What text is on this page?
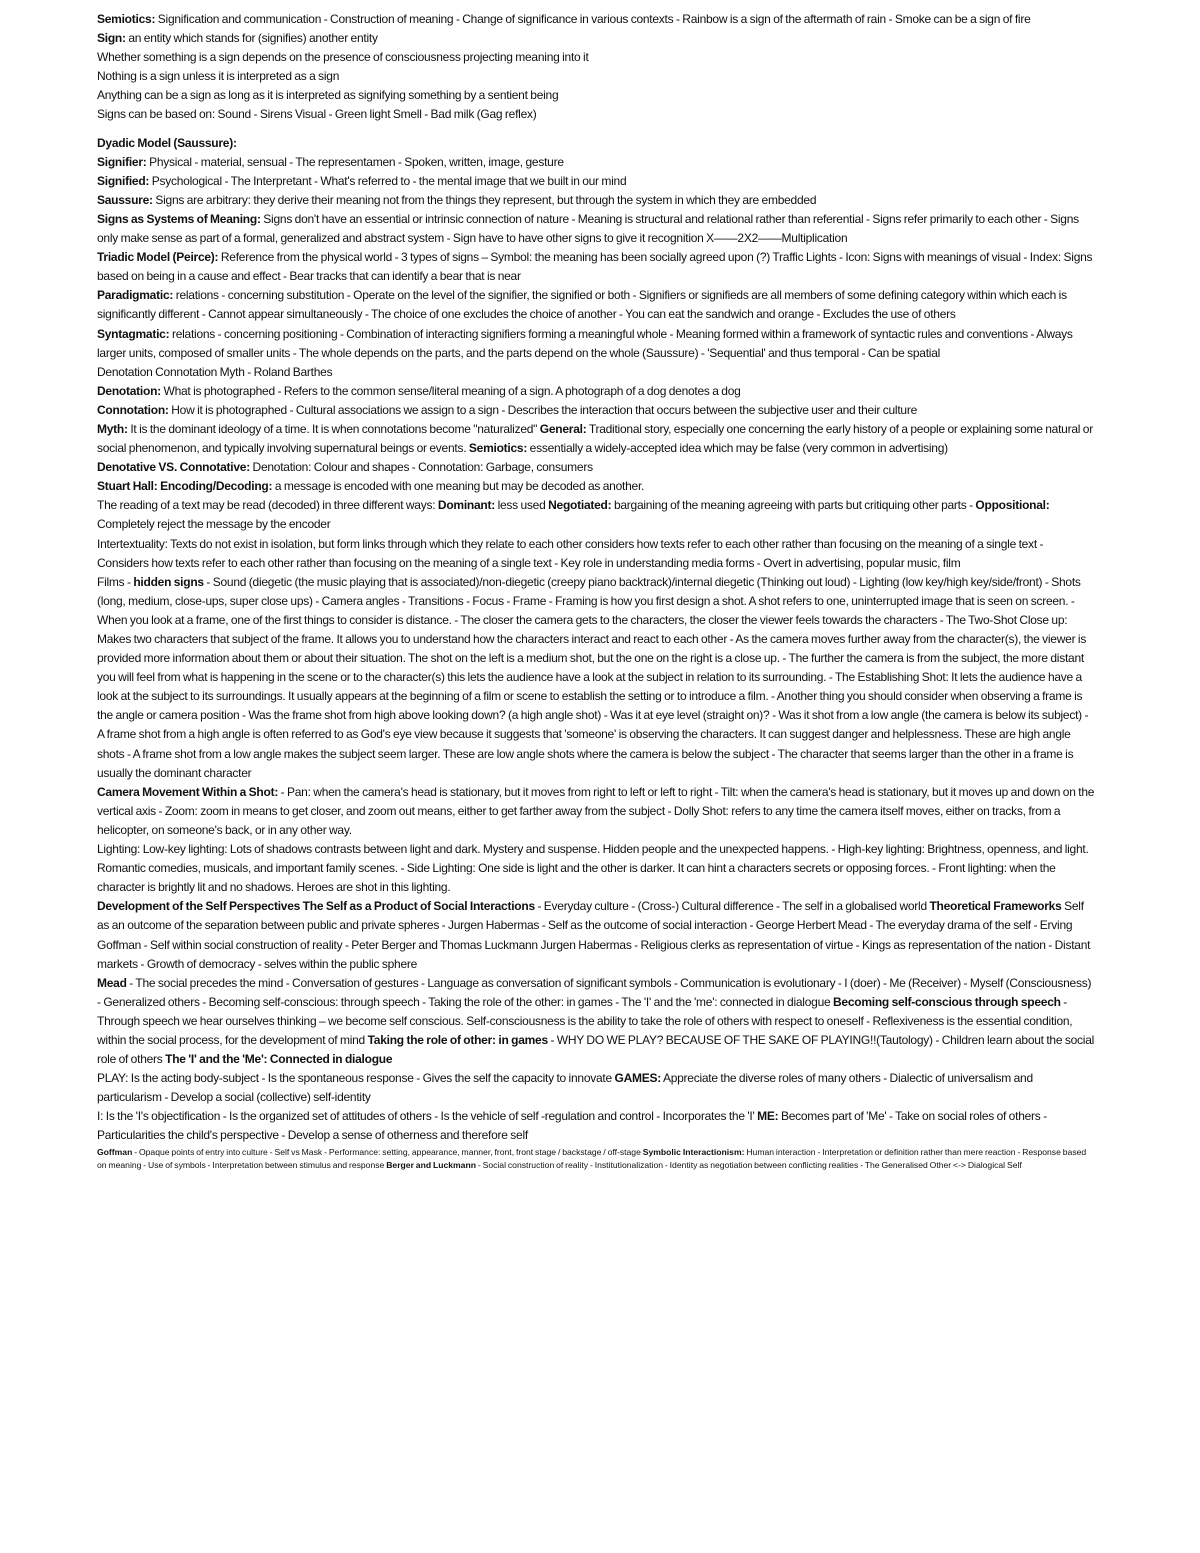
Semiotics: Signification and communication - Construction of meaning - Change of significance in various contexts - Rainbow is a sign of the aftermath of rain - Smoke can be a sign of fire

Sign: an entity which stands for (signifies) another entity

Whether something is a sign depends on the presence of consciousness projecting meaning into it

Nothing is a sign unless it is interpreted as a sign

Anything can be a sign as long as it is interpreted as signifying something by a sentient being

Signs can be based on: Sound - Sirens Visual - Green light Smell - Bad milk (Gag reflex)

Dyadic Model (Saussure):

Signifier: Physical - material, sensual - The representamen - Spoken, written, image, gesture

Signified: Psychological - The Interpretant - What's referred to - the mental image that we built in our mind

Saussure: Signs are arbitrary: they derive their meaning not from the things they represent, but through the system in which they are embedded

Signs as Systems of Meaning: Signs don't have an essential or intrinsic connection of nature - Meaning is structural and relational rather than referential - Signs refer primarily to each other - Signs only make sense as part of a formal, generalized and abstract system - Sign have to have other signs to give it recognition X——2X2——Multiplication

Triadic Model (Peirce): Reference from the physical world - 3 types of signs – Symbol: the meaning has been socially agreed upon (?) Traffic Lights - Icon: Signs with meanings of visual - Index: Signs based on being in a cause and effect - Bear tracks that can identify a bear that is near

Paradigmatic: relations - concerning substitution - Operate on the level of the signifier, the signified or both - Signifiers or signifieds are all members of some defining category within which each is significantly different - Cannot appear simultaneously - The choice of one excludes the choice of another - You can eat the sandwich and orange - Excludes the use of others

Syntagmatic: relations - concerning positioning - Combination of interacting signifiers forming a meaningful whole - Meaning formed within a framework of syntactic rules and conventions - Always larger units, composed of smaller units - The whole depends on the parts, and the parts depend on the whole (Saussure) - 'Sequential' and thus temporal - Can be spatial

Denotation Connotation Myth - Roland Barthes

Denotation: What is photographed - Refers to the common sense/literal meaning of a sign. A photograph of a dog denotes a dog

Connotation: How it is photographed - Cultural associations we assign to a sign - Describes the interaction that occurs between the subjective user and their culture

Myth: It is the dominant ideology of a time. It is when connotations become "naturalized" General: Traditional story, especially one concerning the early history of a people or explaining some natural or social phenomenon, and typically involving supernatural beings or events. Semiotics: essentially a widely-accepted idea which may be false (very common in advertising)

Denotative VS. Connotative: Denotation: Colour and shapes - Connotation: Garbage, consumers

Stuart Hall: Encoding/Decoding: a message is encoded with one meaning but may be decoded as another.

The reading of a text may be read (decoded) in three different ways: Dominant: less used Negotiated: bargaining of the meaning agreeing with parts but critiquing other parts - Oppositional: Completely reject the message by the encoder

Intertextuality: Texts do not exist in isolation, but form links through which they relate to each other considers how texts refer to each other rather than focusing on the meaning of a single text - Considers how texts refer to each other rather than focusing on the meaning of a single text - Key role in understanding media forms - Overt in advertising, popular music, film

Films - hidden signs - Sound (diegetic (the music playing that is associated)/non-diegetic (creepy piano backtrack)/internal diegetic (Thinking out loud) - Lighting (low key/high key/side/front) - Shots (long, medium, close-ups, super close ups) - Camera angles - Transitions - Focus - Frame - Framing is how you first design a shot. A shot refers to one, uninterrupted image that is seen on screen. - When you look at a frame, one of the first things to consider is distance. - The closer the camera gets to the characters, the closer the viewer feels towards the characters - The Two-Shot Close up: Makes two characters that subject of the frame. It allows you to understand how the characters interact and react to each other - As the camera moves further away from the character(s), the viewer is provided more information about them or about their situation. The shot on the left is a medium shot, but the one on the right is a close up. - The further the camera is from the subject, the more distant you will feel from what is happening in the scene or to the character(s) this lets the audience have a look at the subject in relation to its surrounding. - The Establishing Shot: It lets the audience have a look at the subject to its surroundings. It usually appears at the beginning of a film or scene to establish the setting or to introduce a film. - Another thing you should consider when observing a frame is the angle or camera position - Was the frame shot from high above looking down? (a high angle shot) - Was it at eye level (straight on)? - Was it shot from a low angle (the camera is below its subject) - A frame shot from a high angle is often referred to as God's eye view because it suggests that 'someone' is observing the characters. It can suggest danger and helplessness. These are high angle shots - A frame shot from a low angle makes the subject seem larger. These are low angle shots where the camera is below the subject - The character that seems larger than the other in a frame is usually the dominant character

Camera Movement Within a Shot: - Pan: when the camera's head is stationary, but it moves from right to left or left to right - Tilt: when the camera's head is stationary, but it moves up and down on the vertical axis - Zoom: zoom in means to get closer, and zoom out means, either to get farther away from the subject - Dolly Shot: refers to any time the camera itself moves, either on tracks, from a helicopter, on someone's back, or in any other way.

Lighting: Low-key lighting: Lots of shadows contrasts between light and dark. Mystery and suspense. Hidden people and the unexpected happens. - High-key lighting: Brightness, openness, and light. Romantic comedies, musicals, and important family scenes. - Side Lighting: One side is light and the other is darker. It can hint a characters secrets or opposing forces. - Front lighting: when the character is brightly lit and no shadows. Heroes are shot in this lighting.

Development of the Self Perspectives The Self as a Product of Social Interactions - Everyday culture - (Cross-) Cultural difference - The self in a globalised world Theoretical Frameworks Self as an outcome of the separation between public and private spheres - Jurgen Habermas - Self as the outcome of social interaction - George Herbert Mead - The everyday drama of the self - Erving Goffman - Self within social construction of reality - Peter Berger and Thomas Luckmann Jurgen Habermas - Religious clerks as representation of virtue - Kings as representation of the nation - Distant markets - Growth of democracy - selves within the public sphere

Mead - The social precedes the mind - Conversation of gestures - Language as conversation of significant symbols - Communication is evolutionary - I (doer) - Me (Receiver) - Myself (Consciousness) - Generalized others - Becoming self-conscious: through speech - Taking the role of the other: in games - The 'I' and the 'me': connected in dialogue Becoming self-conscious through speech - Through speech we hear ourselves thinking – we become self conscious. Self-consciousness is the ability to take the role of others with respect to oneself - Reflexiveness is the essential condition, within the social process, for the development of mind Taking the role of other: in games - WHY DO WE PLAY? BECAUSE OF THE SAKE OF PLAYING!!(Tautology) - Children learn about the social role of others The 'I' and the 'Me': Connected in dialogue

PLAY: Is the acting body-subject - Is the spontaneous response - Gives the self the capacity to innovate GAMES: Appreciate the diverse roles of many others - Dialectic of universalism and particularism - Develop a social (collective) self-identity

I: Is the 'I's objectification - Is the organized set of attitudes of others - Is the vehicle of self -regulation and control - Incorporates the 'I' ME: Becomes part of 'Me' - Take on social roles of others - Particularities the child's perspective - Develop a sense of otherness and therefore self

Goffman - Opaque points of entry into culture - Self vs Mask - Performance: setting, appearance, manner, front, front stage / backstage / off-stage Symbolic Interactionism: Human interaction - Interpretation or definition rather than mere reaction - Response based on meaning - Use of symbols - Interpretation between stimulus and response Berger and Luckmann - Social construction of reality - Institutionalization - Identity as negotiation between conflicting realities - The Generalised Other <-> Dialogical Self
